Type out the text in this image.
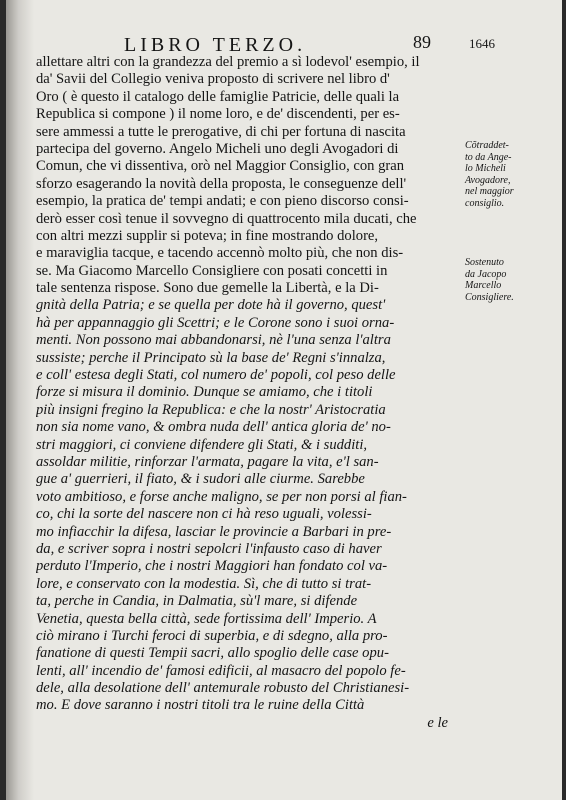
LIBRO TERZO.	89	1646
allettare altri con la grandezza del premio a sì lodevol' esempio, il
da' Savii del Collegio veniva proposto di scrivere nel libro d'
Oro ( è questo il catalogo delle famiglie Patricie, delle quali la
Republica si compone ) il nome loro, e de' discendenti, per es-
sere ammessi a tutte le prerogative, di chi per fortuna di nascita
partecipa del governo. Angelo Micheli uno degli Avogadori di
Comun, che vi dissentiva, orò nel Maggior Consiglio, con gran
sforzo esagerando la novità della proposta, le conseguenze dell'
esempio, la pratica de' tempi andati; e con pieno discorso consi-
derò esser così tenue il sovvegno di quattrocento mila ducati, che
con altri mezzi supplir si poteva; in fine mostrando dolore,
e maraviglia tacque, e tacendo accennò molto più, che non dis-
se. Ma Giacomo Marcello Consigliere con posati concetti in
tale sentenza rispose. Sono due gemelle la Libertà, e la Di-
gnità della Patria; e se quella per dote hà il governo, quest'
hà per appannaggio gli Scettri; e le Corone sono i suoi orna-
menti. Non possono mai abbandonarsi, nè l'una senza l'altra
sussiste; perche il Principato sù la base de' Regni s'innalza,
e coll' estesa degli Stati, col numero de' popoli, col peso delle
forze si misura il dominio. Dunque se amiamo, che i titoli
più insigni fregino la Republica: e che la nostr' Aristocratia
non sia nome vano, & ombra nuda dell' antica gloria de' no-
stri maggiori, ci conviene difendere gli Stati, & i sudditi,
assoldar militie, rinforzar l'armata, pagare la vita, e'l san-
gue a' guerrieri, il fiato, & i sudori alle ciurme. Sarebbe
voto ambitioso, e forse anche maligno, se per non porsi al fian-
co, chi la sorte del nascere non ci hà reso uguali, volessi-
mo infiacchir la difesa, lasciar le provincie a Barbari in pre-
da, e scriver sopra i nostri sepolcri l'infausto caso di haver
perduto l'Imperio, che i nostri Maggiori han fondato col va-
lore, e conservato con la modestia. Sì, che di tutto si trat-
ta, perche in Candia, in Dalmatia, sù'l mare, si difende
Venetia, questa bella città, sede fortissima dell' Imperio. A
ciò mirano i Turchi feroci di superbia, e di sdegno, alla pro-
fanatione di questi Tempii sacri, allo spoglio delle case opu-
lenti, all' incendio de' famosi edificii, al masacro del popolo fe-
dele, alla desolatione dell' antemurale robusto del Christianesi-
mo. E dove saranno i nostri titoli tra le ruine della Città
e le
Cõtraddet-
to da Ange-
lo Micheli
Avogadore,
nel maggior
consiglio.
Sostenuto
da Jacopo
Marcello
Consigliere.
